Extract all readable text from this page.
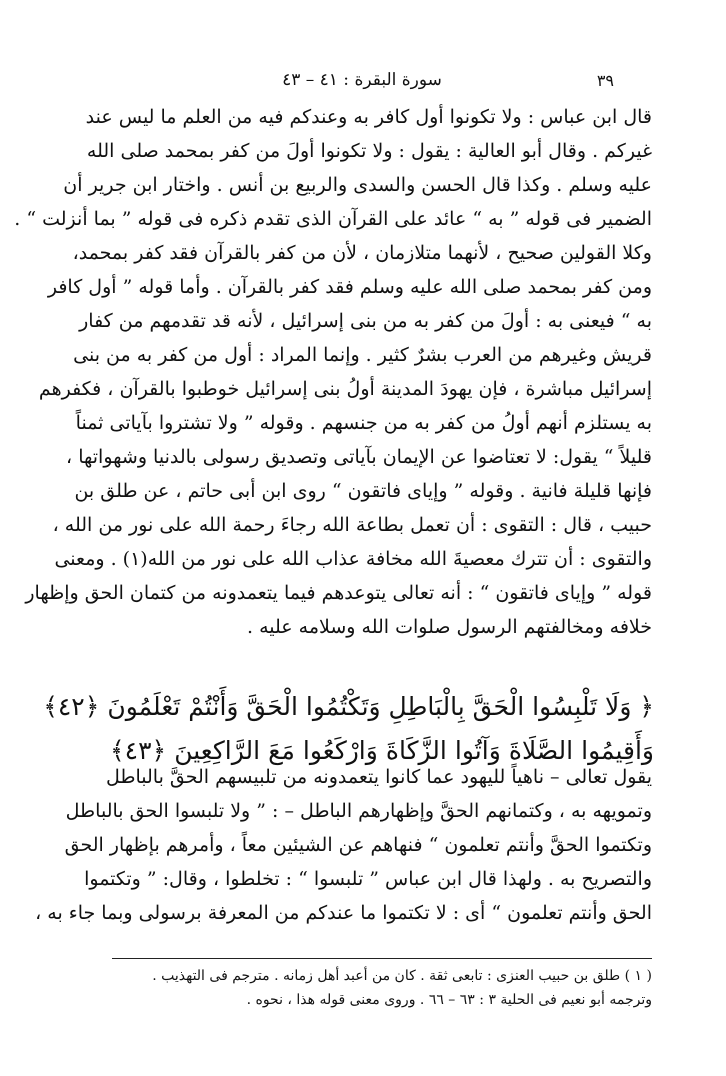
سورة البقرة : ٤١ – ٤٣	٣٩
قال ابن عباس : ولا تكونوا أول كافر به وعندكم فيه من العلم ما ليس عند
غيركم . وقال أبو العالية : يقول : ولا تكونوا أولَ من كفر بمحمد صلى الله
عليه وسلم . وكذا قال الحسن والسدى والربيع بن أنس . واختار ابن جرير أن
الضمير فى قوله ” به “ عائد على القرآن الذى تقدم ذكره فى قوله ” بما أنزلت “ .
وكلا القولين صحيح ، لأنهما متلازمان ، لأن من كفر بالقرآن فقد كفر بمحمد،
ومن كفر بمحمد صلى الله عليه وسلم فقد كفر بالقرآن . وأما قوله ” أول كافر
به “ فيعنى به : أولَ من كفر به من بنى إسرائيل ، لأنه قد تقدمهم من كفار
قريش وغيرهم من العرب بشرٌ كثير . وإنما المراد : أول من كفر به من بنى
إسرائيل مباشرة ، فإن يهودَ المدينة أولُ بنى إسرائيل خوطبوا بالقرآن ، فكفرهم
به يستلزم أنهم أولُ من كفر به من جنسهم . وقوله ” ولا تشتروا بآياتى ثمناً
قليلاً “ يقول: لا تعتاضوا عن الإيمان بآياتى وتصديق رسولى بالدنيا وشهواتها ،
فإنها قليلة فانية . وقوله ” وإياى فاتقون “ روى ابن أبى حاتم ، عن طلق بن
حبيب ، قال : التقوى : أن تعمل بطاعة الله رجاءَ رحمة الله على نور من الله ،
والتقوى : أن تترك معصيةَ الله مخافة عذاب الله على نور من الله(١) . ومعنى
قوله ” وإياى فاتقون “ : أنه تعالى يتوعدهم فيما يتعمدونه من كتمان الحق وإظهار
خلافه ومخالفتهم الرسول صلوات الله وسلامه عليه .
﴿ وَلَا تَلْبِسُوا الْحَقَّ بِالْبَاطِلِ وَتَكْتُمُوا الْحَقَّ وَأَنْتُمْ تَعْلَمُونَ ﴿٤٢﴾
وَأَقِيمُوا الصَّلَاةَ وَآتُوا الزَّكَاةَ وَارْكَعُوا مَعَ الرَّاكِعِينَ ﴿٤٣﴾
يقول تعالى – ناهياً لليهود عما كانوا يتعمدونه من تلبيسهم الحقَّ بالباطل
وتمويهه به ، وكتمانهم الحقَّ وإظهارهم الباطل – : ” ولا تلبسوا الحق بالباطل
وتكتموا الحقَّ وأنتم تعلمون “ فنهاهم عن الشيئين معاً ، وأمرهم بإظهار الحق
والتصريح به . ولهذا قال ابن عباس ” تلبسوا “ : تخلطوا ، وقال: ” وتكتموا
الحق وأنتم تعلمون “ أى : لا تكتموا ما عندكم من المعرفة برسولى وبما جاء به ،
( ١ ) طلق بن حبيب العنزى : تابعى ثقة . كان من أعبد أهل زمانه . مترجم فى التهذيب .
وترجمه أبو نعيم فى الحلية ٣ : ٦٣ – ٦٦ . وروى معنى قوله هذا ، نحوه .
